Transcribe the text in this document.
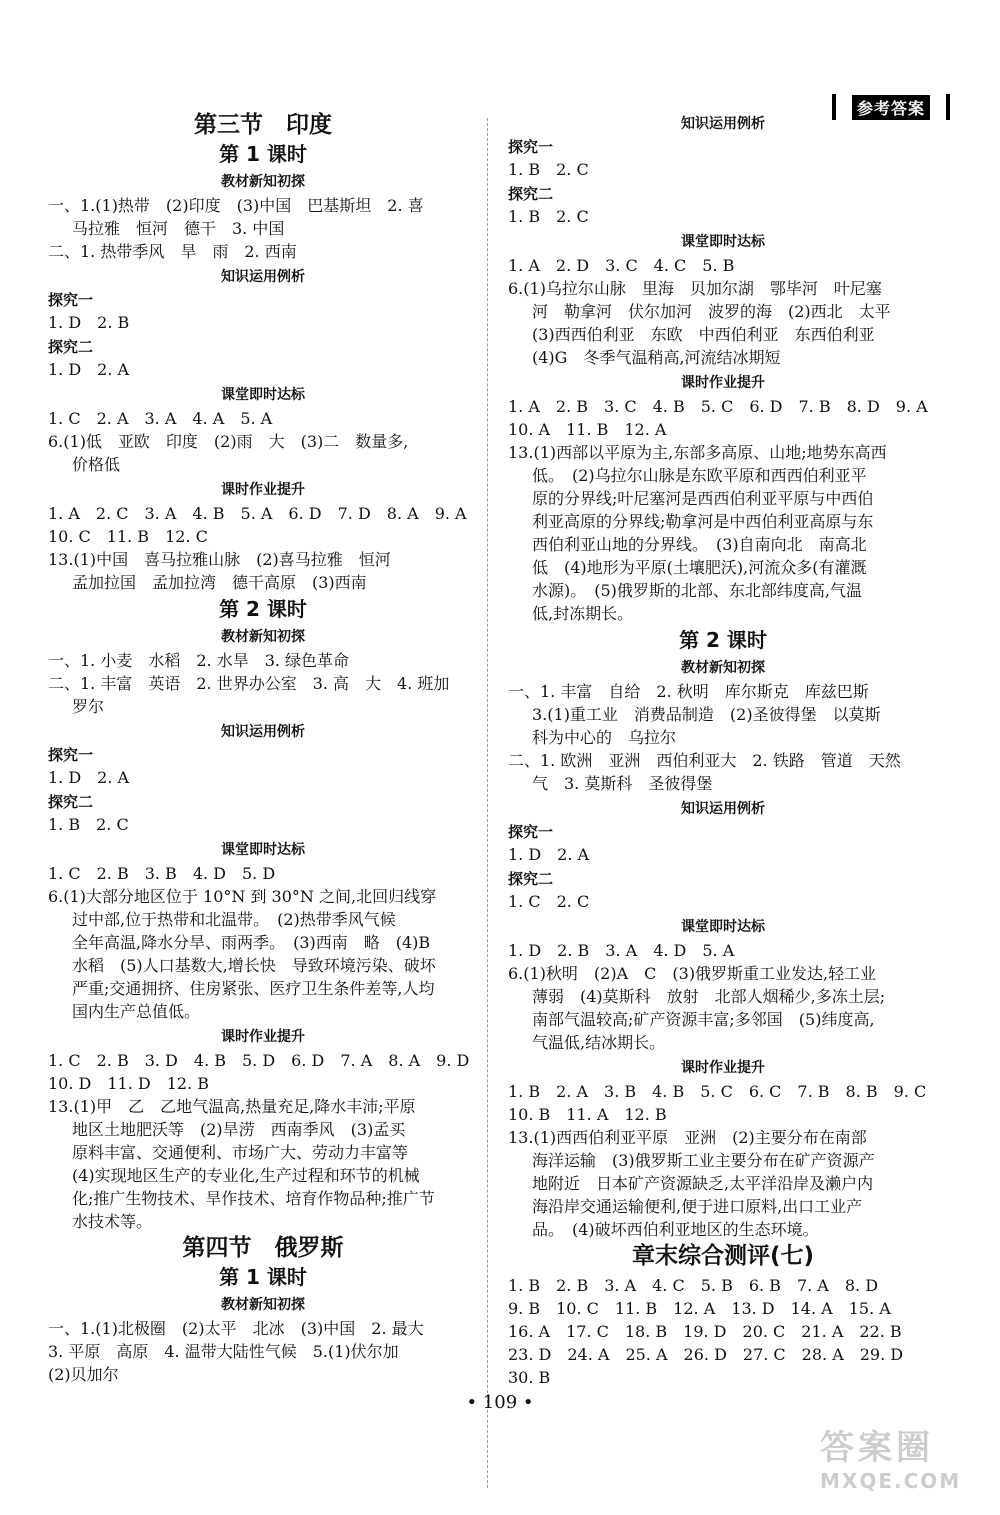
参考答案
第三节　印度
第 1 课时
教材新知初探

一、1.(1)热带　(2)印度　(3)中国　巴基斯坦　2. 喜

马拉雅　恒河　德干　3. 中国

二、1. 热带季风　旱　雨　2. 西南

知识运用例析
探究一

1. D　2. B

探究二

1. D　2. A

课堂即时达标

1. C　2. A　3. A　4. A　5. A

6.(1)低　亚欧　印度　(2)雨　大　(3)二　数量多,

价格低

课时作业提升

1. A　2. C　3. A　4. B　5. A　6. D　7. D　8. A　9. A

10. C　11. B　12. C

13.(1)中国　喜马拉雅山脉　(2)喜马拉雅　恒河

孟加拉国　孟加拉湾　德干高原　(3)西南

第 2 课时
教材新知初探

一、1. 小麦　水稻　2. 水旱　3. 绿色革命

二、1. 丰富　英语　2. 世界办公室　3. 高　大　4. 班加

罗尔

知识运用例析
探究一

1. D　2. A

探究二

1. B　2. C

课堂即时达标

1. C　2. B　3. B　4. D　5. D

6.(1)大部分地区位于 10°N 到 30°N 之间,北回归线穿

过中部,位于热带和北温带。　(2)热带季风气候

全年高温,降水分旱、雨两季。　(3)西南　略　(4)B

水稻　(5)人口基数大,增长快　导致环境污染、破坏

严重;交通拥挤、住房紧张、医疗卫生条件差等,人均

国内生产总值低。

课时作业提升

1. C　2. B　3. D　4. B　5. D　6. D　7. A　8. A　9. D

10. D　11. D　12. B

13.(1)甲　乙　乙地气温高,热量充足,降水丰沛;平原

地区土地肥沃等　(2)旱涝　西南季风　(3)孟买

原料丰富、交通便利、市场广大、劳动力丰富等

(4)实现地区生产的专业化,生产过程和环节的机械

化;推广生物技术、旱作技术、培育作物品种;推广节

水技术等。

第四节　俄罗斯
第 1 课时
教材新知初探

一、1.(1)北极圈　(2)太平　北冰　(3)中国　2. 最大

3. 平原　高原　4. 温带大陆性气候　5.(1)伏尔加

(2)贝加尔

知识运用例析
探究一

1. B　2. C

探究二

1. B　2. C

课堂即时达标

1. A　2. D　3. C　4. C　5. B

6.(1)乌拉尔山脉　里海　贝加尔湖　鄂毕河　叶尼塞

河　勒拿河　伏尔加河　波罗的海　(2)西北　太平

(3)西西伯利亚　东欧　中西伯利亚　东西伯利亚

(4)G　冬季气温稍高,河流结冰期短

课时作业提升

1. A　2. B　3. C　4. B　5. C　6. D　7. B　8. D　9. A

10. A　11. B　12. A

13.(1)西部以平原为主,东部多高原、山地;地势东高西

低。　(2)乌拉尔山脉是东欧平原和西西伯利亚平

原的分界线;叶尼塞河是西西伯利亚平原与中西伯

利亚高原的分界线;勒拿河是中西伯利亚高原与东

西伯利亚山地的分界线。　(3)自南向北　南高北

低　(4)地形为平原(土壤肥沃),河流众多(有灌溉

水源)。　(5)俄罗斯的北部、东北部纬度高,气温

低,封冻期长。

第 2 课时
教材新知初探

一、1. 丰富　自给　2. 秋明　库尔斯克　库兹巴斯

3.(1)重工业　消费品制造　(2)圣彼得堡　以莫斯

科为中心的　乌拉尔

二、1. 欧洲　亚洲　西伯利亚大　2. 铁路　管道　天然

气　3. 莫斯科　圣彼得堡

知识运用例析
探究一

1. D　2. A

探究二

1. C　2. C

课堂即时达标

1. D　2. B　3. A　4. D　5. A

6.(1)秋明　(2)A　C　(3)俄罗斯重工业发达,轻工业

薄弱　(4)莫斯科　放射　北部人烟稀少,多冻土层;

南部气温较高;矿产资源丰富;多邻国　(5)纬度高,

气温低,结冰期长。

课时作业提升

1. B　2. A　3. B　4. B　5. C　6. C　7. B　8. B　9. C

10. B　11. A　12. B

13.(1)西西伯利亚平原　亚洲　(2)主要分布在南部

海洋运输　(3)俄罗斯工业主要分布在矿产资源产

地附近　日本矿产资源缺乏,太平洋沿岸及濑户内

海沿岸交通运输便利,便于进口原料,出口工业产

品。　(4)破坏西伯利亚地区的生态环境。

章末综合测评(七)

1. B　2. B　3. A　4. C　5. B　6. B　7. A　8. D

9. B　10. C　11. B　12. A　13. D　14. A　15. A

16. A　17. C　18. B　19. D　20. C　21. A　22. B

23. D　24. A　25. A　26. D　27. C　28. A　29. D

30. B

• 109 •
答案圈
MXQE.COM
